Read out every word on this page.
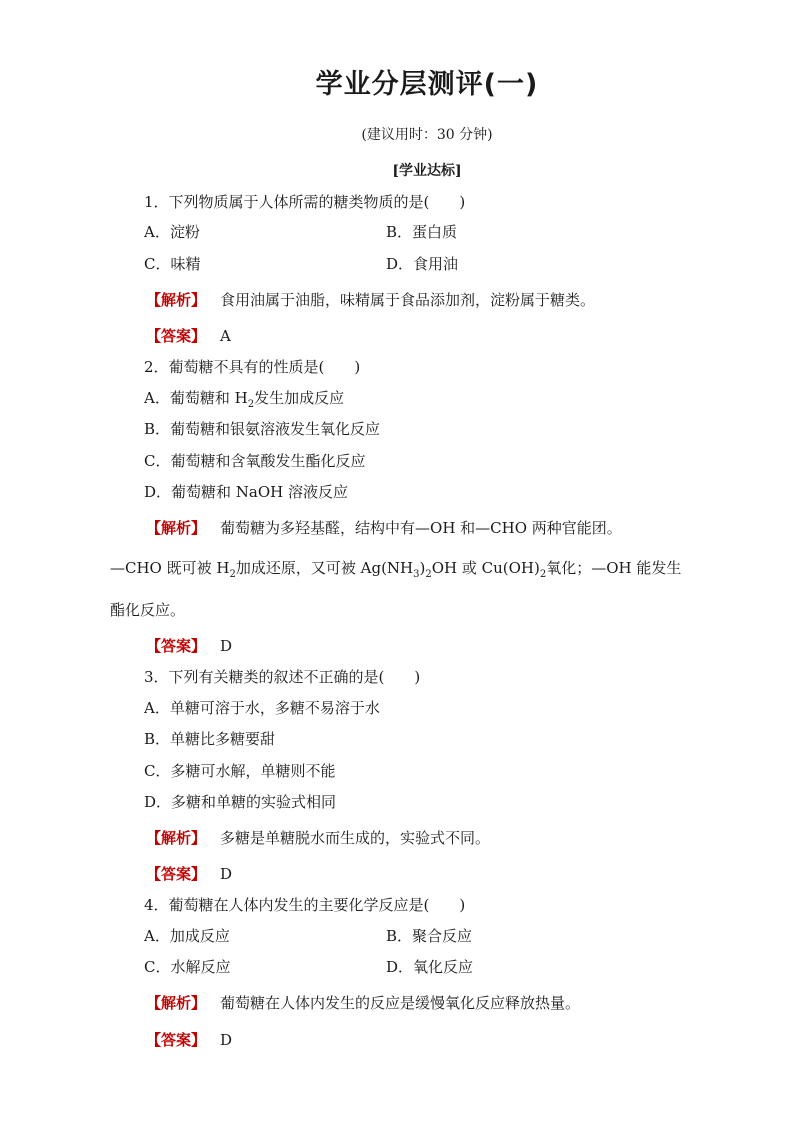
学业分层测评(一)
(建议用时：30 分钟)
[学业达标]
1．下列物质属于人体所需的糖类物质的是(　　)
A．淀粉	B．蛋白质
C．味精	D．食用油
【解析】 食用油属于油脂，味精属于食品添加剂，淀粉属于糖类。
【答案】 A
2．葡萄糖不具有的性质是(　　)
A．葡萄糖和 $H_2$发生加成反应
B．葡萄糖和银氨溶液发生氧化反应
C．葡萄糖和含氧酸发生酯化反应
D．葡萄糖和 NaOH 溶液反应
【解析】 葡萄糖为多羟基醛，结构中有—OH 和—CHO 两种官能团。
—CHO 既可被 $H_2$加成还原，又可被 $Ag(NH_3)_2OH$ 或 $Cu(OH)_2$氧化；—OH 能发生
酯化反应。
【答案】 D
3．下列有关糖类的叙述不正确的是(　　)
A．单糖可溶于水，多糖不易溶于水
B．单糖比多糖要甜
C．多糖可水解，单糖则不能
D．多糖和单糖的实验式相同
【解析】 多糖是单糖脱水而生成的，实验式不同。
【答案】 D
4．葡萄糖在人体内发生的主要化学反应是(　　)
A．加成反应	B．聚合反应
C．水解反应	D．氧化反应
【解析】 葡萄糖在人体内发生的反应是缓慢氧化反应释放热量。
【答案】 D
